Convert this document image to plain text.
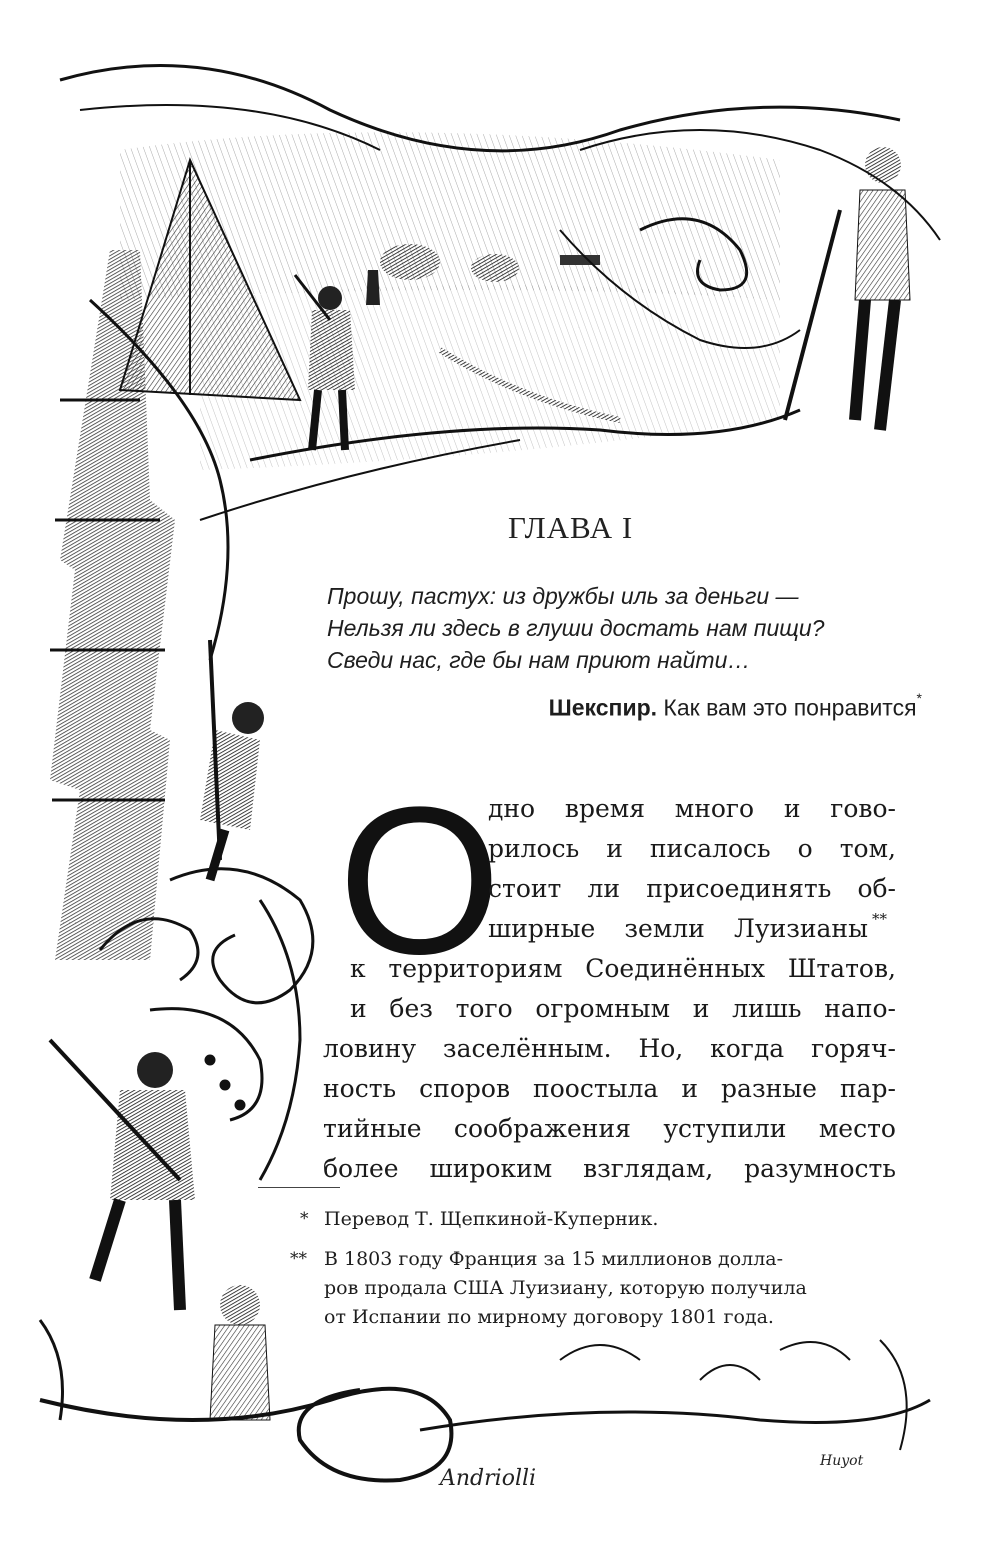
Andriolli
Huyot
ГЛАВА I
Прошу, пастух: из дружбы иль за деньги —
Нельзя ли здесь в глуши достать нам пищи?
Сведи нас, где бы нам приют найти…
Шекспир. Как вам это понравится*
О
дно время много и гово-
рилось и писалось о том,
стоит ли присоединять об-
ширные земли Луизианы **
к территориям Соединённых Штатов,
и без того огромным и лишь напо-
ловину заселённым. Но, когда горяч-
ность споров поостыла и разные пар-
тийные соображения уступили место
более широким взглядам, разумность
* Перевод Т. Щепкиной-Куперник.
** В 1803 году Франция за 15 миллионов долла-
ров продала США Луизиану, которую получила
от Испании по мирному договору 1801 года.
